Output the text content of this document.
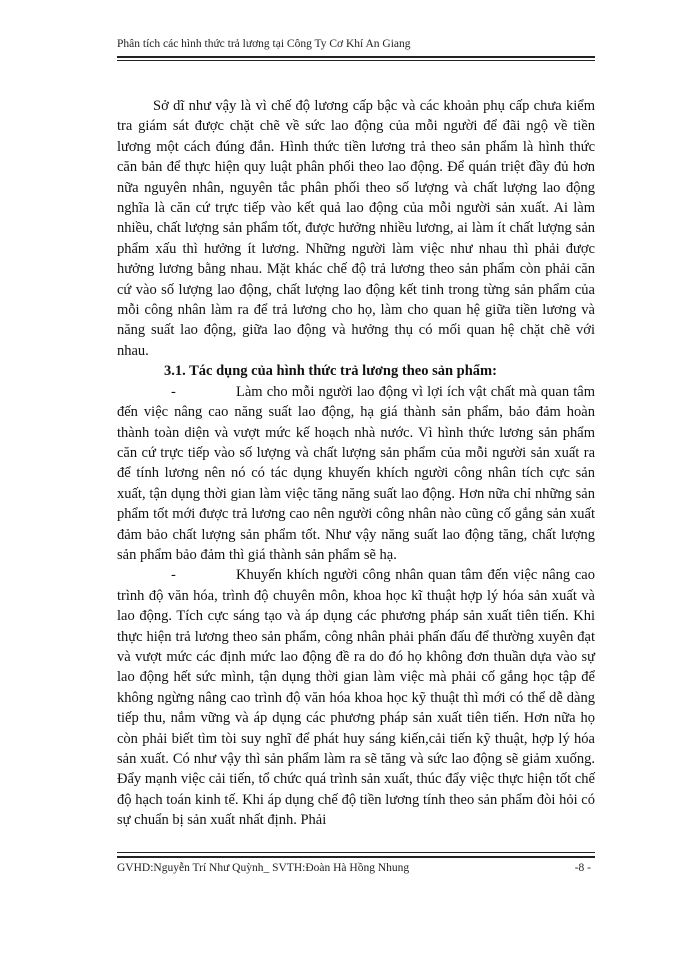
Phân tích các hình thức trả lương tại Công Ty Cơ Khí An Giang

Sở dĩ như vậy là vì chế độ lương cấp bậc và các khoản phụ cấp chưa kiểm tra giám sát được chặt chẽ về sức lao động của mỗi người để đãi ngộ về tiền lương một cách đúng đắn. Hình thức tiền lương trả theo sản phẩm là hình thức căn bản để thực hiện quy luật phân phối theo lao động. Để quán triệt đầy đủ hơn nữa nguyên nhân, nguyên tắc phân phối theo số lượng và chất lượng lao động nghĩa là căn cứ trực tiếp vào kết quả lao động của mỗi người sản xuất. Ai làm nhiều, chất lượng sản phẩm tốt, được hưởng nhiều lương, ai làm ít chất lượng sản phẩm xấu thì hưởng ít lương. Những người làm việc như nhau thì phải được hưởng lương bằng nhau. Mặt khác chế độ trả lương theo sản phẩm còn phải căn cứ vào số lượng lao động, chất lượng lao động kết tinh trong từng sản phẩm của mỗi công nhân làm ra để trả lương cho họ, làm cho quan hệ giữa tiền lương và năng suất lao động, giữa lao động và hưởng thụ có mối quan hệ chặt chẽ với nhau.

3.1. Tác dụng của hình thức trả lương theo sản phẩm:

-	Làm cho mỗi người lao động vì lợi ích vật chất mà quan tâm đến việc nâng cao năng suất lao động, hạ giá thành sản phẩm, bảo đảm hoàn thành toàn diện và vượt mức kế hoạch nhà nước. Vì hình thức lương sản phẩm căn cứ trực tiếp vào số lượng và chất lượng sản phẩm của mỗi người sản xuất ra để tính lương nên nó có tác dụng khuyến khích người công nhân tích cực sản xuất, tận dụng thời gian làm việc tăng năng suất lao động. Hơn nữa chỉ những sản phẩm tốt mới được trả lương cao nên người công nhân nào cũng cố gắng sản xuất đảm bảo chất lượng sản phẩm tốt. Như vậy năng suất lao động tăng, chất lượng sản phẩm bảo đảm thì giá thành sản phẩm sẽ hạ.

-	Khuyến khích người công nhân quan tâm đến việc nâng cao trình độ văn hóa, trình độ chuyên môn, khoa học kĩ thuật hợp lý hóa sản xuất và lao động. Tích cực sáng tạo và áp dụng các phương pháp sản xuất tiên tiến. Khi thực hiện trả lương theo sản phẩm, công nhân phải phấn đấu để thường xuyên đạt và vượt mức các định mức lao động đề ra do đó họ không đơn thuần dựa vào sự lao động hết sức mình, tận dụng thời gian làm việc mà phải cố gắng học tập để không ngừng nâng cao trình độ văn hóa khoa học kỹ thuật thì mới có thể dễ dàng tiếp thu, nắm vững và áp dụng các phương pháp sản xuất tiên tiến. Hơn nữa họ còn phải biết tìm tòi suy nghĩ để phát huy sáng kiến,cải tiến kỹ thuật, hợp lý hóa sản xuất. Có như vậy thì sản phẩm làm ra sẽ tăng và sức lao động sẽ giảm xuống. Đẩy mạnh việc cải tiến, tổ chức quá trình sản xuất, thúc đẩy việc thực hiện tốt chế độ hạch toán kinh tế. Khi áp dụng chế độ tiền lương tính theo sản phẩm đòi hỏi có sự chuẩn bị sản xuất nhất định. Phải

GVHD:Nguyễn Trí Như Quỳnh_ SVTH:Đoàn Hà Hồng Nhung	-8 -
